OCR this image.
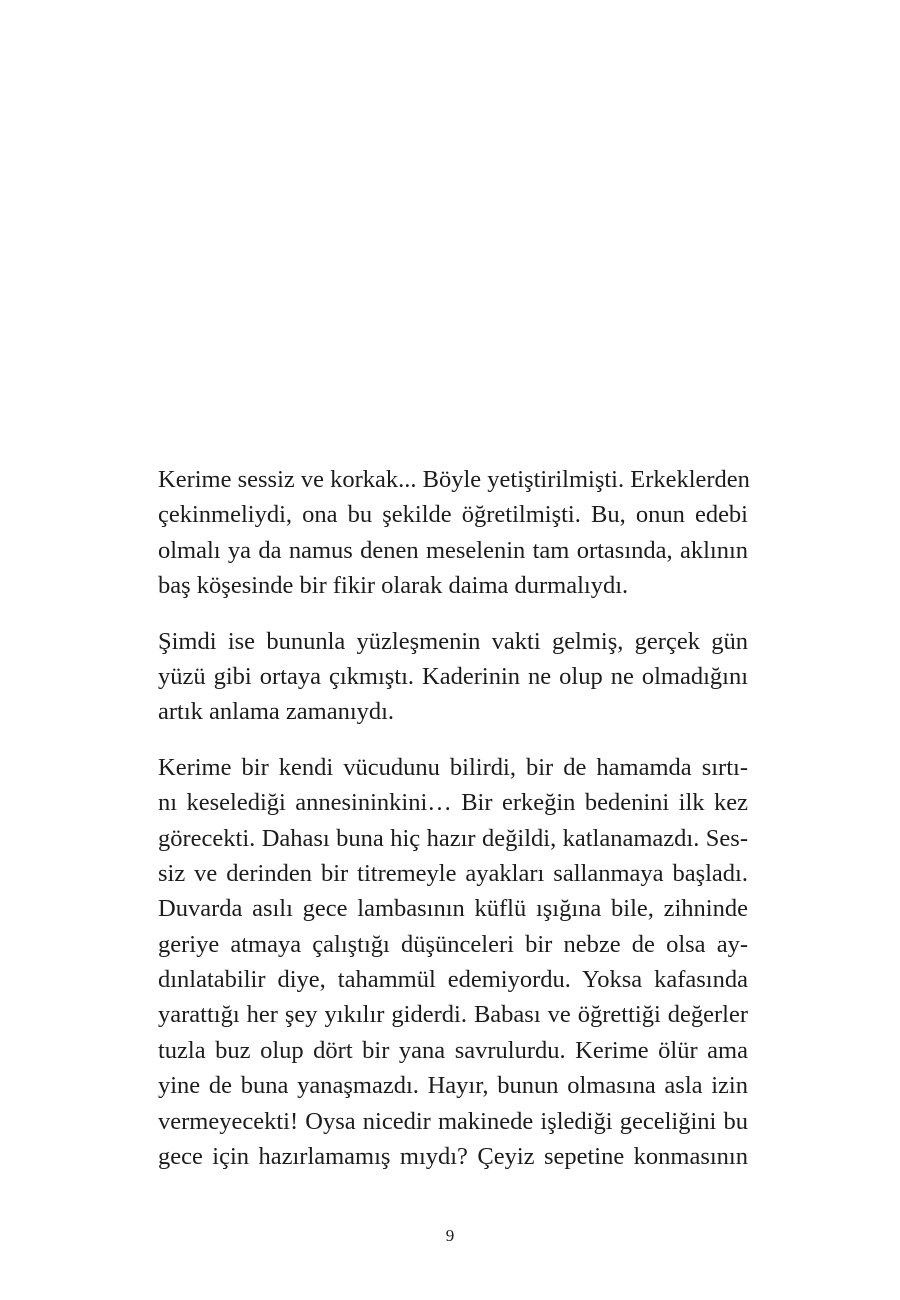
Kerime sessiz ve korkak... Böyle yetiştirilmişti. Erkeklerden
çekinmeliydi, ona bu şekilde öğretilmişti. Bu, onun edebi
olmalı ya da namus denen meselenin tam ortasında, aklının
baş köşesinde bir fikir olarak daima durmalıydı.
Şimdi ise bununla yüzleşmenin vakti gelmiş, gerçek gün
yüzü gibi ortaya çıkmıştı. Kaderinin ne olup ne olmadığını
artık anlama zamanıydı.
Kerime bir kendi vücudunu bilirdi, bir de hamamda sırtı-
nı keselediği annesininkini… Bir erkeğin bedenini ilk kez
görecekti. Dahası buna hiç hazır değildi, katlanamazdı. Ses-
siz ve derinden bir titremeyle ayakları sallanmaya başladı.
Duvarda asılı gece lambasının küflü ışığına bile, zihninde
geriye atmaya çalıştığı düşünceleri bir nebze de olsa ay-
dınlatabilir diye, tahammül edemiyordu. Yoksa kafasında
yarattığı her şey yıkılır giderdi. Babası ve öğrettiği değerler
tuzla buz olup dört bir yana savrulurdu. Kerime ölür ama
yine de buna yanaşmazdı. Hayır, bunun olmasına asla izin
vermeyecekti! Oysa nicedir makinede işlediği geceliğini bu
gece için hazırlamamış mıydı? Çeyiz sepetine konmasının
9
